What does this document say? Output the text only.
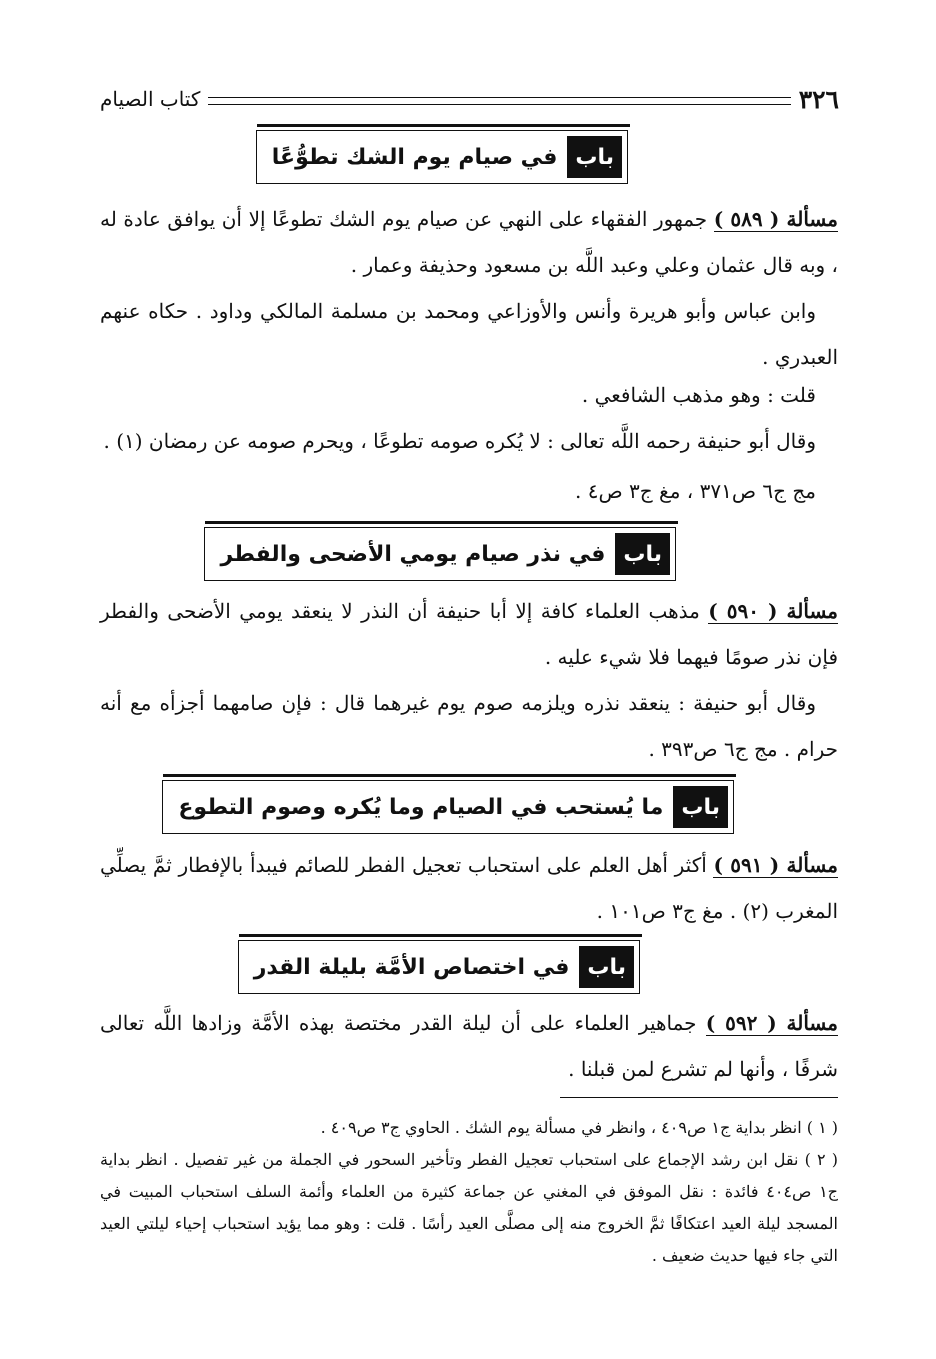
٣٢٦
كتاب الصيام
باب
في صيام يوم الشك تطوُّعًا

مسألة ( ٥٨٩ ) جمهور الفقهاء على النهي عن صيام يوم الشك تطوعًا إلا أن يوافق عادة له ، وبه قال عثمان وعلي وعبد اللَّه بن مسعود وحذيفة وعمار .

وابن عباس وأبو هريرة وأنس والأوزاعي ومحمد بن مسلمة المالكي وداود . حكاه عنهم العبدري .

قلت : وهو مذهب الشافعي .

وقال أبو حنيفة رحمه اللَّه تعالى : لا يُكره صومه تطوعًا ، ويحرم صومه عن رمضان (١) .

مج ج٦ ص٣٧١ ، مغ ج٣ ص٤ .

باب
في نذر صيام يومي الأضحى والفطر

مسألة ( ٥٩٠ ) مذهب العلماء كافة إلا أبا حنيفة أن النذر لا ينعقد يومي الأضحى والفطر فإن نذر صومًا فيهما فلا شيء عليه .

وقال أبو حنيفة : ينعقد نذره ويلزمه صوم يوم غيرهما قال : فإن صامهما أجزأه مع أنه حرام . مج ج٦ ص٣٩٣ .

باب
ما يُستحب في الصيام وما يُكره وصوم التطوع

مسألة ( ٥٩١ ) أكثر أهل العلم على استحباب تعجيل الفطر للصائم فيبدأ بالإفطار ثمَّ يصلِّي المغرب (٢) . مغ ج٣ ص١٠١ .

باب
في اختصاص الأمَّة بليلة القدر

مسألة ( ٥٩٢ ) جماهير العلماء على أن ليلة القدر مختصة بهذه الأمَّة وزادها اللَّه تعالى شرفًا ، وأنها لم تشرع لمن قبلنا .

( ١ ) انظر بداية ج١ ص٤٠٩ ، وانظر في مسألة يوم الشك . الحاوي ج٣ ص٤٠٩ .

( ٢ ) نقل ابن رشد الإجماع على استحباب تعجيل الفطر وتأخير السحور في الجملة من غير تفصيل . انظر بداية ج١ ص٤٠٤ فائدة : نقل الموفق في المغني عن جماعة كثيرة من العلماء وأئمة السلف استحباب المبيت في المسجد ليلة العيد اعتكافًا ثمَّ الخروج منه إلى مصلَّى العيد رأسًا . قلت : وهو مما يؤيد استحباب إحياء ليلتي العيد التي جاء فيها حديث ضعيف .
